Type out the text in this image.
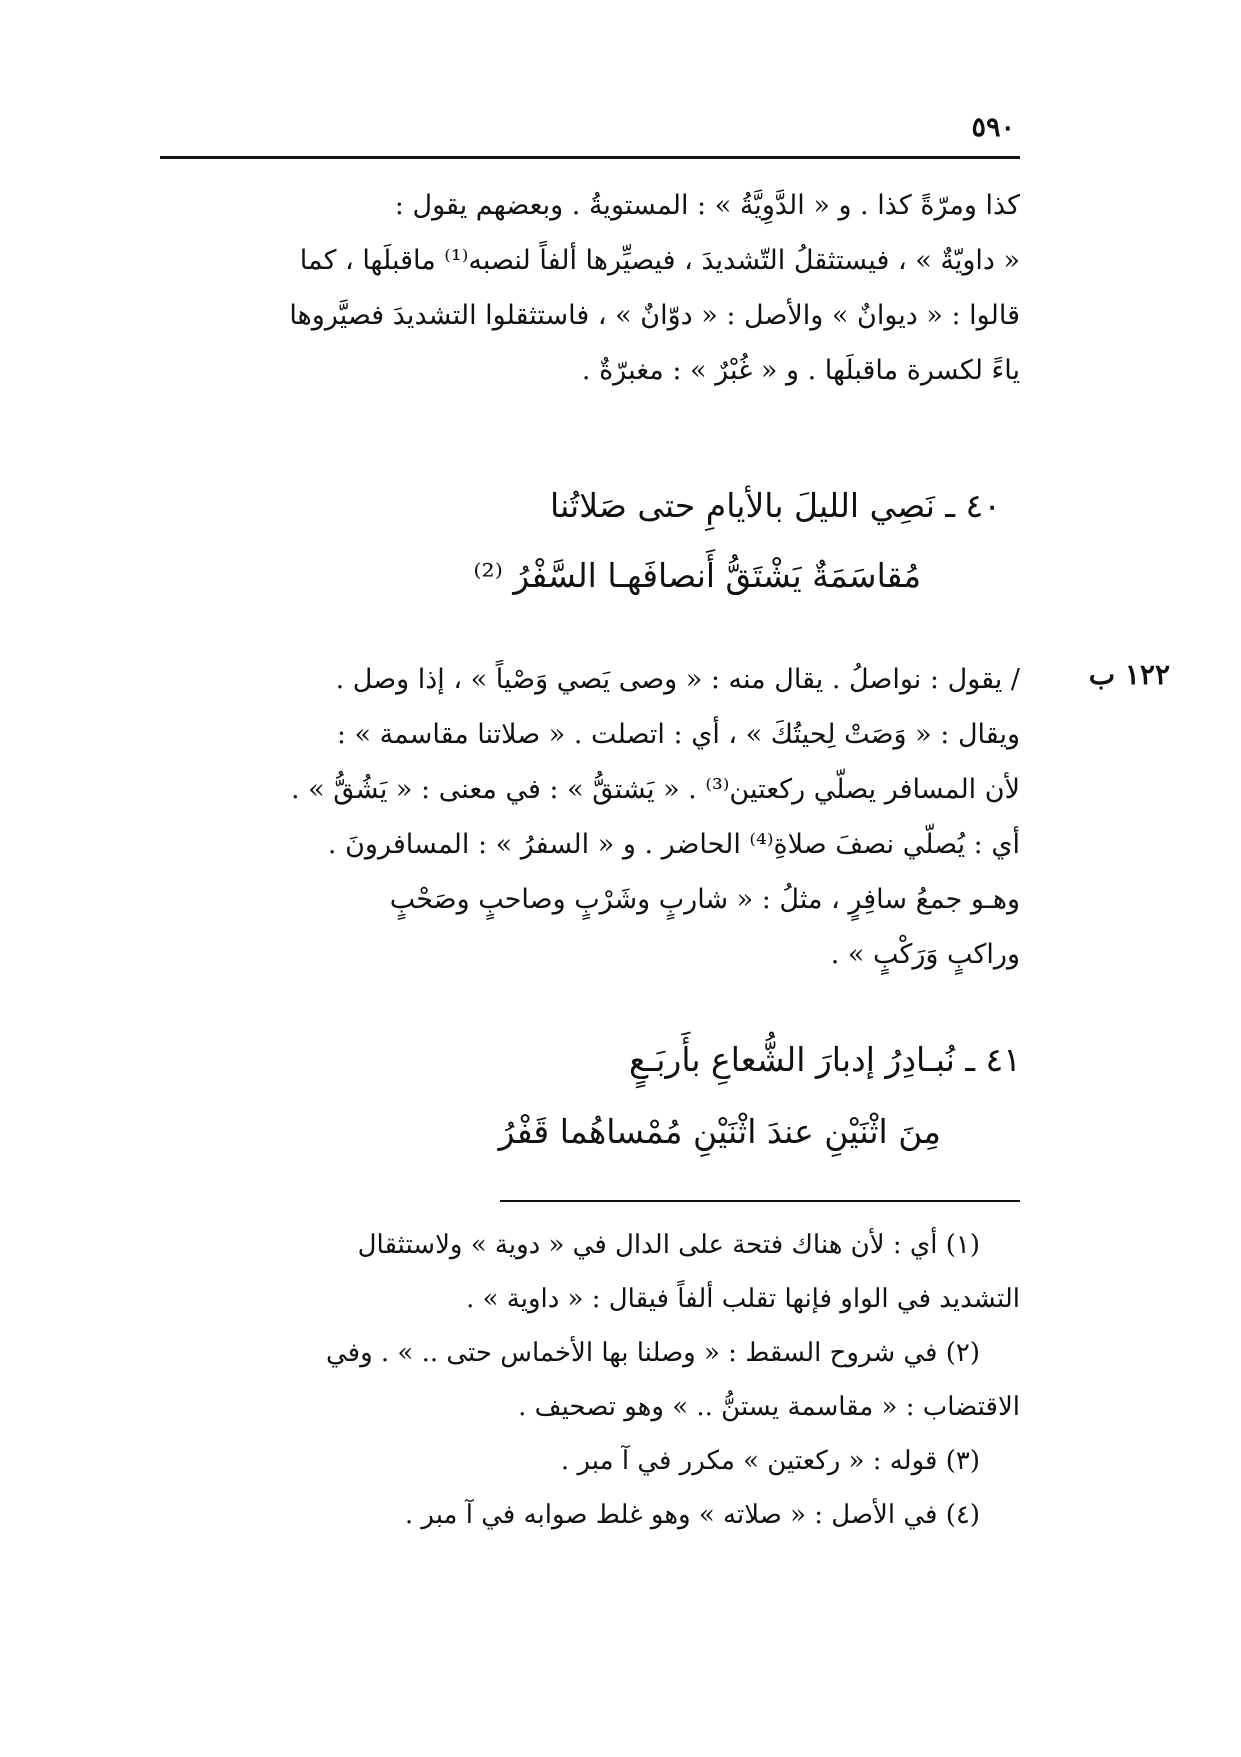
٥٩٠

كذا ومرّةً كذا . و « الدَّوِيَّةُ » : المستويةُ . وبعضهم يقول :

« داويّةٌ » ، فيستثقلُ التّشديدَ ، فيصيِّرها ألفاً لنصبه⁽¹⁾ ماقبلَها ، كما

قالوا : « ديوانٌ » والأصل : « دوّانٌ » ، فاستثقلوا التشديدَ فصيَّروها

ياءً لكسرة ماقبلَها . و « غُبْرٌ » : مغبرّةٌ .

٤٠ ـ نَصِي الليلَ بالأيامِ حتى صَلاتُنا
مُقاسَمَةٌ يَشْتَقُّ أَنصافَهـا السَّفْرُ ⁽²⁾
١٢٢ ب

/ يقول : نواصلُ . يقال منه : « وصى يَصي وَصْياً » ، إذا وصل .

ويقال : « وَصَتْ لِحيتُكَ » ، أي : اتصلت . « صلاتنا مقاسمة » :

لأن المسافر يصلّي ركعتين⁽³⁾ . « يَشتقُّ » : في معنى : « يَشُقُّ » .

أي : يُصلّي نصفَ صلاةِ⁽⁴⁾ الحاضر . و « السفرُ » : المسافرونَ .

وهـو جمعُ سافِرٍ ، مثلُ : « شاربٍ وشَرْبٍ وصاحبٍ وصَحْبٍ

وراكبٍ وَرَكْبٍ » .

٤١ ـ نُبـادِرُ إدبارَ الشُّعاعِ بأَربَـعٍ
مِنَ اثْنَيْنِ عندَ اثْنَيْنِ مُمْساهُما قَفْرُ

(١) أي : لأن هناك فتحة على الدال في « دوية » ولاستثقال

التشديد في الواو فإنها تقلب ألفاً فيقال : « داوية » .

(٢) في شروح السقط : « وصلنا بها الأخماس حتى .. » . وفي

الاقتضاب : « مقاسمة يستنُّ .. » وهو تصحيف .

(٣) قوله : « ركعتين » مكرر في آ مبر .

(٤) في الأصل : « صلاته » وهو غلط صوابه في آ مبر .
